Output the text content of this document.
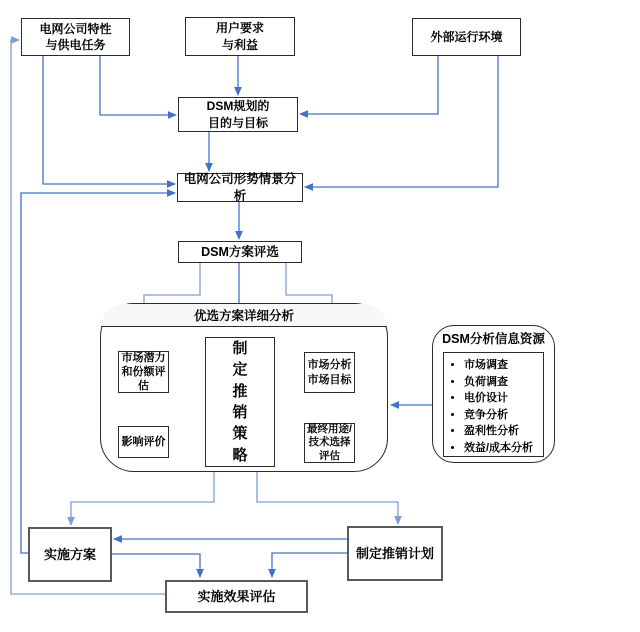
电网公司特性
与供电任务
用户要求
与利益
外部运行环境
DSM规划的
目的与目标
电网公司形势情景分析
DSM方案评选
优选方案详细分析
市场潜力
和份额评
估
制定推销策略
市场分析
市场目标
影响评价
最终用途/
技术选择
评估
DSM分析信息资源
• 市场调查
• 负荷调查
• 电价设计
• 竞争分析
• 盈利性分析
• 效益/成本分析
实施方案	制定推销计划
实施效果评估
